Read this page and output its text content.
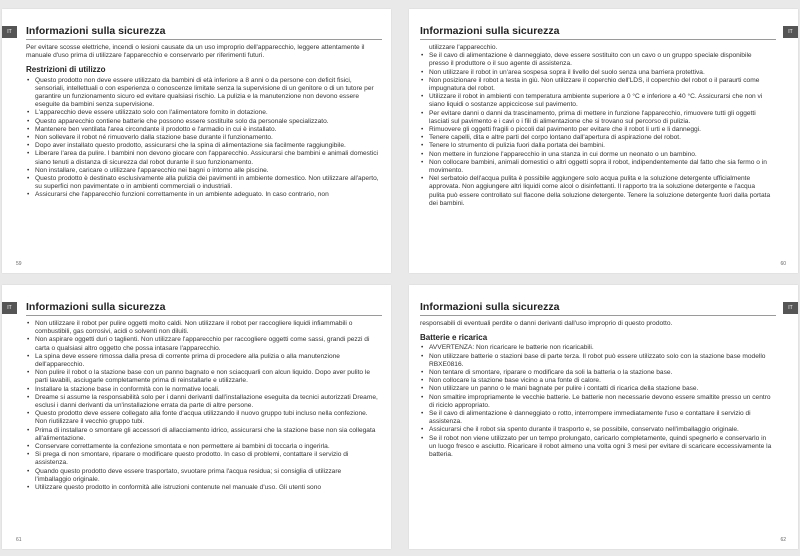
IT	Informazioni sulla sicurezza

Per evitare scosse elettriche, incendi o lesioni causate da un uso improprio dell'apparecchio, leggere attentamente il manuale d'uso prima di utilizzare l'apparecchio e conservarlo per riferimenti futuri.

Restrizioni di utilizzo
• Questo prodotto non deve essere utilizzato da bambini di età inferiore a 8 anni o da persone con deficit fisici, sensoriali, intellettuali o con esperienza o conoscenze limitate senza la supervisione di un genitore o di un tutore per garantire un funzionamento sicuro ed evitare qualsiasi rischio. La pulizia e la manutenzione non devono essere eseguite da bambini senza supervisione.
• L'apparecchio deve essere utilizzato solo con l'alimentatore fornito in dotazione.
• Questo apparecchio contiene batterie che possono essere sostituite solo da personale specializzato.
• Mantenere ben ventilata l'area circondante il prodotto e l'armadio in cui è installato.
• Non sollevare il robot né rimuoverlo dalla stazione base durante il funzionamento.
• Dopo aver installato questo prodotto, assicurarsi che la spina di alimentazione sia facilmente raggiungibile.
• Liberare l'area da pulire. I bambini non devono giocare con l'apparecchio. Assicurarsi che bambini e animali domestici siano tenuti a distanza di sicurezza dal robot durante il suo funzionamento.
• Non installare, caricare o utilizzare l'apparecchio nei bagni o intorno alle piscine.
• Questo prodotto è destinato esclusivamente alla pulizia dei pavimenti in ambiente domestico. Non utilizzare all'aperto, su superfici non pavimentate o in ambienti commerciali o industriali.
• Assicurarsi che l'apparecchio funzioni correttamente in un ambiente adeguato. In caso contrario, non
59
IT
Informazioni sulla sicurezza

utilizzare l'apparecchio.

• Se il cavo di alimentazione è danneggiato, deve essere sostituito con un cavo o un gruppo speciale disponibile presso il produttore o il suo agente di assistenza.
• Non utilizzare il robot in un'area sospesa sopra il livello del suolo senza una barriera protettiva.
• Non posizionare il robot a testa in giù. Non utilizzare il coperchio dell'LDS, il coperchio del robot o il paraurti come impugnatura del robot.
• Utilizzare il robot in ambienti con temperatura ambiente superiore a 0 °C e inferiore a 40 °C. Assicurarsi che non vi siano liquidi o sostanze appiccicose sul pavimento.
• Per evitare danni o danni da trascinamento, prima di mettere in funzione l'apparecchio, rimuovere tutti gli oggetti lasciati sul pavimento e i cavi o i fili di alimentazione che si trovano sul percorso di pulizia.
• Rimuovere gli oggetti fragili o piccoli dal pavimento per evitare che il robot li urti e li danneggi.
• Tenere capelli, dita e altre parti del corpo lontano dall'apertura di aspirazione del robot.
• Tenere lo strumento di pulizia fuori dalla portata dei bambini.
• Non mettere in funzione l'apparecchio in una stanza in cui dorme un neonato o un bambino.
• Non collocare bambini, animali domestici o altri oggetti sopra il robot, indipendentemente dal fatto che sia fermo o in movimento.
• Nel serbatoio dell'acqua pulita è possibile aggiungere solo acqua pulita e la soluzione detergente ufficialmente approvata. Non aggiungere altri liquidi come alcol o disinfettanti. Il rapporto tra la soluzione detergente e l'acqua pulita può essere controllato sul flacone della soluzione detergente. Tenere la soluzione detergente fuori dalla portata dei bambini.
60
IT	Informazioni sulla sicurezza
• Non utilizzare il robot per pulire oggetti molto caldi. Non utilizzare il robot per raccogliere liquidi infiammabili o combustibili, gas corrosivi, acidi o solventi non diluiti.
• Non aspirare oggetti duri o taglienti. Non utilizzare l'apparecchio per raccogliere oggetti come sassi, grandi pezzi di carta o qualsiasi altro oggetto che possa intasare l'apparecchio.
• La spina deve essere rimossa dalla presa di corrente prima di procedere alla pulizia o alla manutenzione dell'apparecchio.
• Non pulire il robot o la stazione base con un panno bagnato e non sciacquarli con alcun liquido. Dopo aver pulito le parti lavabili, asciugarle completamente prima di reinstallarle e utilizzarle.
• Installare la stazione base in conformità con le normative locali.
• Dreame si assume la responsabilità solo per i danni derivanti dall'installazione eseguita da tecnici autorizzati Dreame, esclusi i danni derivanti da un'installazione errata da parte di altre persone.
• Questo prodotto deve essere collegato alla fonte d'acqua utilizzando il nuovo gruppo tubi incluso nella confezione. Non riutilizzare il vecchio gruppo tubi.
• Prima di installare o smontare gli accessori di allacciamento idrico, assicurarsi che la stazione base non sia collegata all'alimentazione.
• Conservare correttamente la confezione smontata e non permettere ai bambini di toccarla o ingerirla.
• Si prega di non smontare, riparare o modificare questo prodotto. In caso di problemi, contattare il servizio di assistenza.
• Quando questo prodotto deve essere trasportato, svuotare prima l'acqua residua; si consiglia di utilizzare l'imballaggio originale.
• Utilizzare questo prodotto in conformità alle istruzioni contenute nel manuale d'uso. Gli utenti sono
61
IT
Informazioni sulla sicurezza

responsabili di eventuali perdite o danni derivanti dall'uso improprio di questo prodotto.

Batterie e ricarica
• AVVERTENZA: Non ricaricare le batterie non ricaricabili.
• Non utilizzare batterie o stazioni base di parte terza. Il robot può essere utilizzato solo con la stazione base modello RBXE0816.
• Non tentare di smontare, riparare o modificare da soli la batteria o la stazione base.
• Non collocare la stazione base vicino a una fonte di calore.
• Non utilizzare un panno o le mani bagnate per pulire i contatti di ricarica della stazione base.
• Non smaltire impropriamente le vecchie batterie. Le batterie non necessarie devono essere smaltite presso un centro di riciclo appropriato.
• Se il cavo di alimentazione è danneggiato o rotto, interrompere immediatamente l'uso e contattare il servizio di assistenza.
• Assicurarsi che il robot sia spento durante il trasporto e, se possibile, conservato nell'imballaggio originale.
• Se il robot non viene utilizzato per un tempo prolungato, caricarlo completamente, quindi spegnerlo e conservarlo in un luogo fresco e asciutto. Ricaricare il robot almeno una volta ogni 3 mesi per evitare di scaricare eccessivamente la batteria.
62
